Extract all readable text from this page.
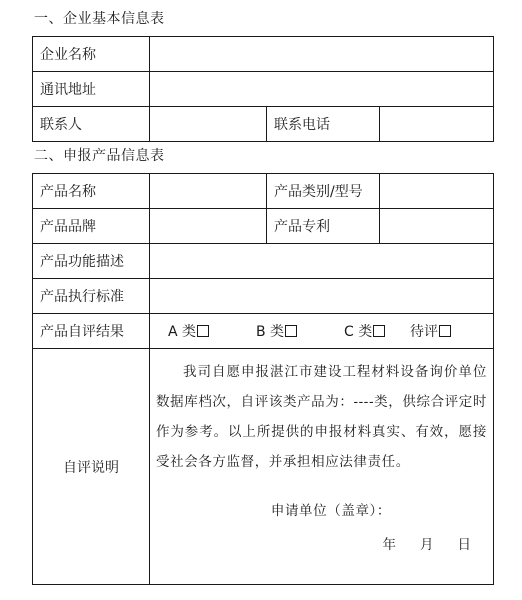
一、企业基本信息表
企业名称			
通讯地址			
联系人		联系电话	
二、申报产品信息表
产品名称		产品类别/型号	
产品品牌		产品专利	
产品功能描述			
产品执行标准			
产品自评结果	A 类 B 类 C 类 待评		
自评说明	我司自愿申报湛江市建设工程材料设备询价单位数据库档次，自评该类产品为：----类，供综合评定时作为参考。以上所提供的申报材料真实、有效，愿接受社会各方监督，并承担相应法律责任。
申请单位（盖章）：
年 月 日		
